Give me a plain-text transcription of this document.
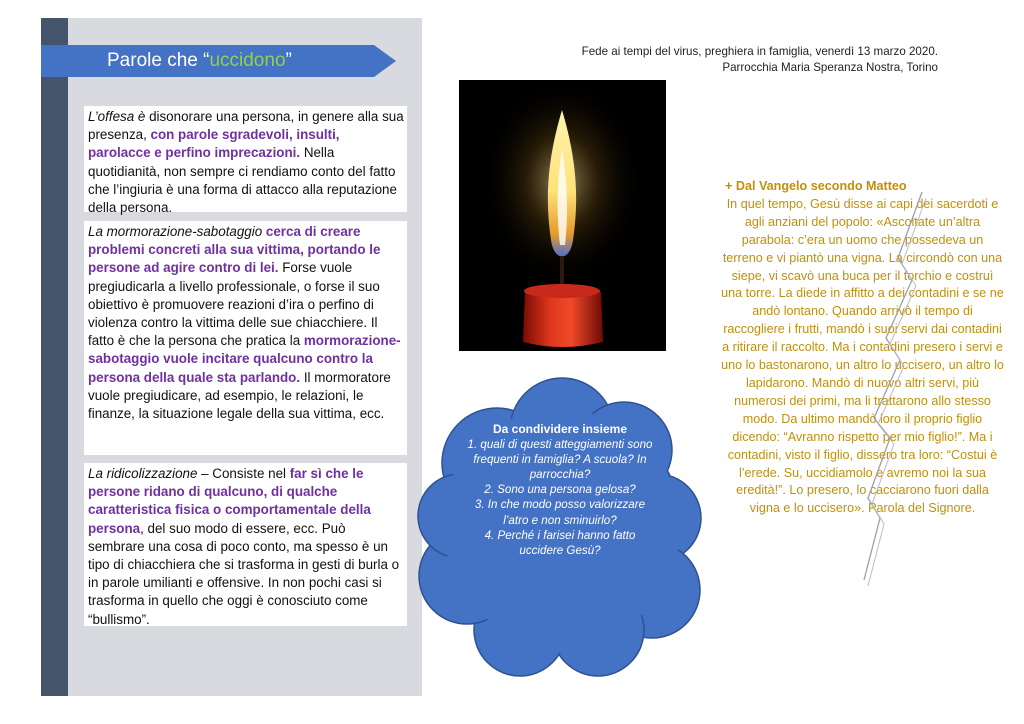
Parole che “uccidono”

L’offesa è disonorare una persona, in genere alla sua presenza, con parole sgradevoli, insulti, parolacce e perfino imprecazioni. Nella quotidianità, non sempre ci rendiamo conto del fatto che l’ingiuria è una forma di attacco alla reputazione della persona.

La mormorazione-sabotaggio cerca di creare problemi concreti alla sua vittima, portando le persone ad agire contro di lei. Forse vuole pregiudicarla a livello professionale, o forse il suo obiettivo è promuovere reazioni d’ira o perfino di violenza contro la vittima delle sue chiacchiere. Il fatto è che la persona che pratica la mormorazione-sabotaggio vuole incitare qualcuno contro la persona della quale sta parlando. Il mormoratore vuole pregiudicare, ad esempio, le relazioni, le finanze, la situazione legale della sua vittima, ecc.

La ridicolizzazione – Consiste nel far sì che le persone ridano di qualcuno, di qualche caratteristica fisica o comportamentale della persona, del suo modo di essere, ecc. Può sembrare una cosa di poco conto, ma spesso è un tipo di chiacchiera che si trasforma in gesti di burla o in parole umilianti e offensive. In non pochi casi si trasforma in quello che oggi è conosciuto come “bullismo”.

Fede ai tempi del virus, preghiera in famiglia, venerdì 13 marzo 2020.
Parrocchia Maria Speranza Nostra, Torino
Da condividere insieme
1. quali di questi atteggiamenti sono frequenti in famiglia? A scuola? In parrocchia?
2. Sono una persona gelosa?
3. In che modo posso valorizzare l’atro e non sminuirlo?
4. Perché i farisei hanno fatto uccidere Gesù?
+ Dal Vangelo secondo Matteo
In quel tempo, Gesù disse ai capi dei sacerdoti e agli anziani del popolo: «Ascoltate un’altra parabola: c’era un uomo che possedeva un terreno e vi piantò una vigna. La circondò con una siepe, vi scavò una buca per il torchio e costruì una torre. La diede in affitto a dei contadini e se ne andò lontano. Quando arrivò il tempo di raccogliere i frutti, mandò i suoi servi dai contadini a ritirare il raccolto. Ma i contadini presero i servi e uno lo bastonarono, un altro lo uccisero, un altro lo lapidarono. Mandò di nuovo altri servi, più numerosi dei primi, ma li trattarono allo stesso modo. Da ultimo mandò loro il proprio figlio dicendo: “Avranno rispetto per mio figlio!”. Ma i contadini, visto il figlio, dissero tra loro: “Costui è l’erede. Su, uccidiamolo e avremo noi la sua eredità!”. Lo presero, lo cacciarono fuori dalla vigna e lo uccisero». Parola del Signore.
